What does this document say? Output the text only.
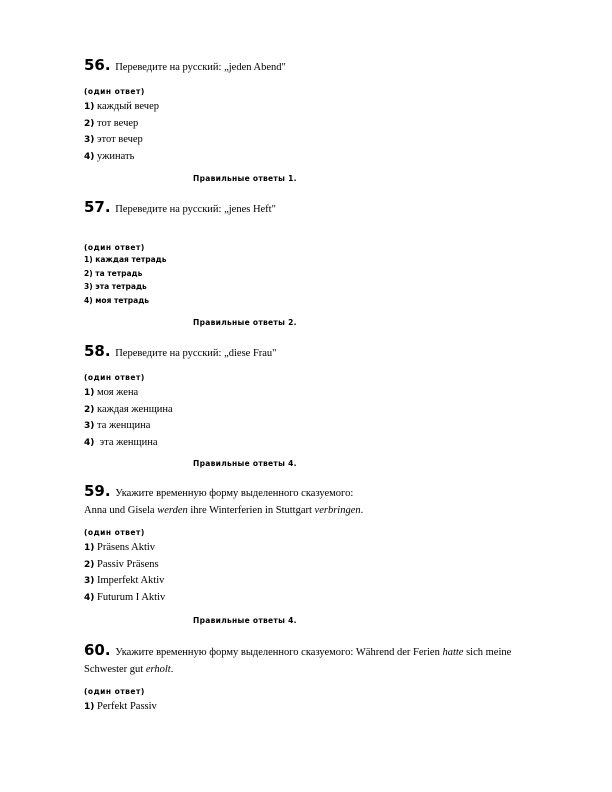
56. Переведите на русский: „jeden Abend"
(один ответ)
1) каждый вечер
2) тот вечер
3) этот вечер
4) ужинать
Правильные ответы 1.
57. Переведите на русский: „jenes Heft"
(один ответ)
1) каждая тетрадь
2) та тетрадь
3) эта тетрадь
4) моя тетрадь
Правильные ответы 2.
58. Переведите на русский: „diese Frau"
(один ответ)
1) моя жена
2) каждая женщина
3) та женщина
4)  эта женщина
Правильные ответы 4.
59. Укажите временную форму выделенного сказуемого:
Anna und Gisela werden ihre Winterferien in Stuttgart verbringen.
(один ответ)
1) Präsens Aktiv
2) Passiv Präsens
3) Imperfekt Aktiv
4) Futurum I Aktiv
Правильные ответы 4.
60. Укажите временную форму выделенного сказуемого: Während der Ferien hatte sich meine
Schwester gut erholt.
(один ответ)
1) Perfekt Passiv
